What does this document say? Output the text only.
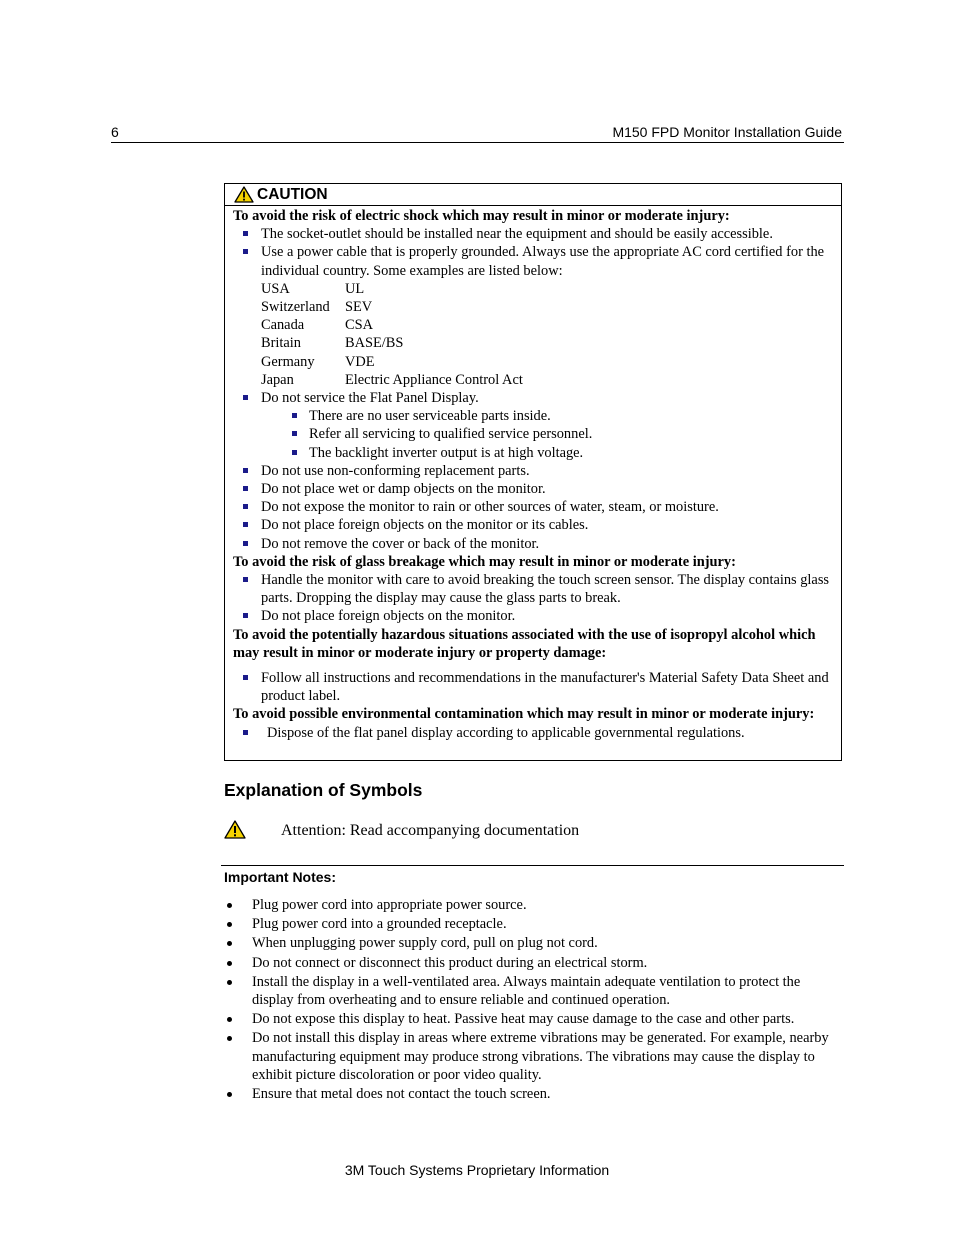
6	M150 FPD Monitor Installation Guide
CAUTION
To avoid the risk of electric shock which may result in minor or moderate injury:
The socket-outlet should be installed near the equipment and should be easily accessible.
Use a power cable that is properly grounded. Always use the appropriate AC cord certified for the individual country. Some examples are listed below:
USA	UL
Switzerland	SEV
Canada	CSA
Britain	BASE/BS
Germany	VDE
Japan	Electric Appliance Control Act
Do not service the Flat Panel Display.
There are no user serviceable parts inside.
Refer all servicing to qualified service personnel.
The backlight inverter output is at high voltage.
Do not use non-conforming replacement parts.
Do not place wet or damp objects on the monitor.
Do not expose the monitor to rain or other sources of water, steam, or moisture.
Do not place foreign objects on the monitor or its cables.
Do not remove the cover or back of the monitor.
To avoid the risk of glass breakage which may result in minor or moderate injury:
Handle the monitor with care to avoid breaking the touch screen sensor. The display contains glass parts. Dropping the display may cause the glass parts to break.
Do not place foreign objects on the monitor.
To avoid the potentially hazardous situations associated with the use of isopropyl alcohol which may result in minor or moderate injury or property damage:
Follow all instructions and recommendations in the manufacturer's Material Safety Data Sheet and product label.
To avoid possible environmental contamination which may result in minor or moderate injury:
Dispose of the flat panel display according to applicable governmental regulations.
Explanation of Symbols
Attention: Read accompanying documentation
Important Notes:
Plug power cord into appropriate power source.
Plug power cord into a grounded receptacle.
When unplugging power supply cord, pull on plug not cord.
Do not connect or disconnect this product during an electrical storm.
Install the display in a well-ventilated area. Always maintain adequate ventilation to protect the display from overheating and to ensure reliable and continued operation.
Do not expose this display to heat. Passive heat may cause damage to the case and other parts.
Do not install this display in areas where extreme vibrations may be generated. For example, nearby manufacturing equipment may produce strong vibrations. The vibrations may cause the display to exhibit picture discoloration or poor video quality.
Ensure that metal does not contact the touch screen.
3M Touch Systems Proprietary Information
